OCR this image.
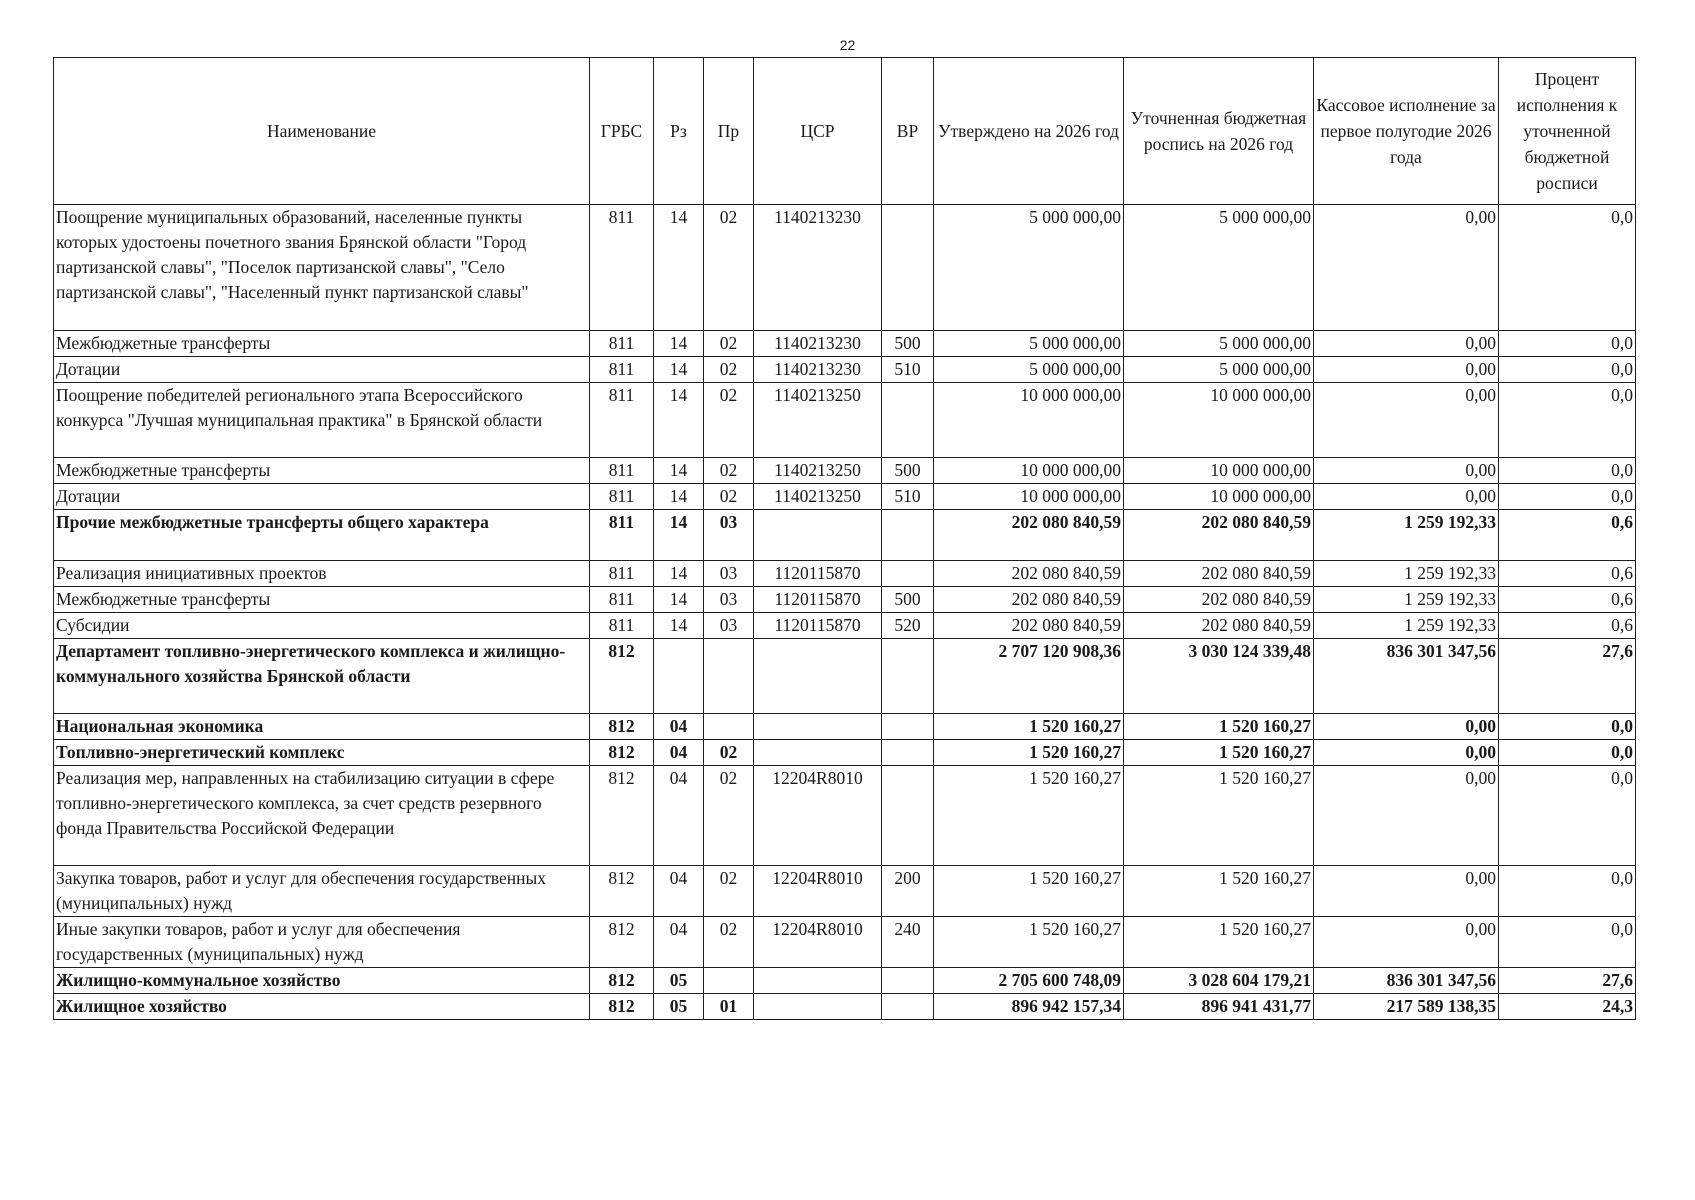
22
Наименование	ГРБС	Рз	Пр	ЦСР	ВР	Утверждено на 2026 год	Уточненная бюджетная роспись на 2026 год	Кассовое исполнение за первое полугодие 2026 года	Процент исполнения к уточненной бюджетной росписи
Поощрение муниципальных образований, населенные пункты которых удостоены почетного звания Брянской области "Город партизанской славы", "Поселок партизанской славы", "Село партизанской славы", "Населенный пункт партизанской славы"	811	14	02	1140213230		5 000 000,00	5 000 000,00	0,00	0,0
Межбюджетные трансферты	811	14	02	1140213230	500	5 000 000,00	5 000 000,00	0,00	0,0
Дотации	811	14	02	1140213230	510	5 000 000,00	5 000 000,00	0,00	0,0
Поощрение победителей регионального этапа Всероссийского конкурса "Лучшая муниципальная практика" в Брянской области	811	14	02	1140213250		10 000 000,00	10 000 000,00	0,00	0,0
Межбюджетные трансферты	811	14	02	1140213250	500	10 000 000,00	10 000 000,00	0,00	0,0
Дотации	811	14	02	1140213250	510	10 000 000,00	10 000 000,00	0,00	0,0
Прочие межбюджетные трансферты общего характера	811	14	03			202 080 840,59	202 080 840,59	1 259 192,33	0,6
Реализация инициативных проектов	811	14	03	1120115870		202 080 840,59	202 080 840,59	1 259 192,33	0,6
Межбюджетные трансферты	811	14	03	1120115870	500	202 080 840,59	202 080 840,59	1 259 192,33	0,6
Субсидии	811	14	03	1120115870	520	202 080 840,59	202 080 840,59	1 259 192,33	0,6
Департамент топливно-энергетического комплекса и жилищно-коммунального хозяйства Брянской области	812					2 707 120 908,36	3 030 124 339,48	836 301 347,56	27,6
Национальная экономика	812	04				1 520 160,27	1 520 160,27	0,00	0,0
Топливно-энергетический комплекс	812	04	02			1 520 160,27	1 520 160,27	0,00	0,0
Реализация мер, направленных на стабилизацию ситуации в сфере топливно-энергетического комплекса, за счет средств резервного фонда Правительства Российской Федерации	812	04	02	12204R8010		1 520 160,27	1 520 160,27	0,00	0,0
Закупка товаров, работ и услуг для обеспечения государственных (муниципальных) нужд	812	04	02	12204R8010	200	1 520 160,27	1 520 160,27	0,00	0,0
Иные закупки товаров, работ и услуг для обеспечения государственных (муниципальных) нужд	812	04	02	12204R8010	240	1 520 160,27	1 520 160,27	0,00	0,0
Жилищно-коммунальное хозяйство	812	05				2 705 600 748,09	3 028 604 179,21	836 301 347,56	27,6
Жилищное хозяйство	812	05	01			896 942 157,34	896 941 431,77	217 589 138,35	24,3
